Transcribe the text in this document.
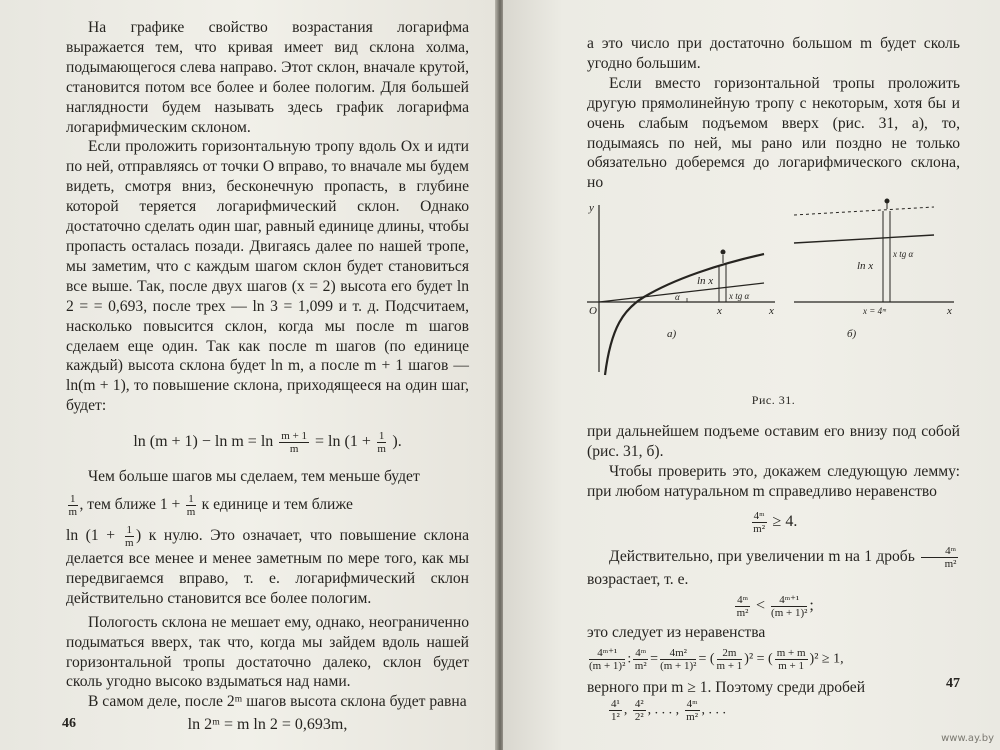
На графике свойство возрастания логарифма выражается тем, что кривая имеет вид склона холма, подымающегося слева направо. Этот склон, вначале крутой, становится потом все более и более пологим. Для большей наглядности будем называть здесь график логарифма логарифмическим склоном.

Если проложить горизонтальную тропу вдоль Ox и идти по ней, отправляясь от точки O вправо, то вначале мы будем видеть, смотря вниз, бесконечную пропасть, в глубине которой теряется логарифмический склон. Однако достаточно сделать один шаг, равный единице длины, чтобы пропасть осталась позади. Двигаясь далее по нашей тропе, мы заметим, что с каждым шагом склон будет становиться все выше. Так, после двух шагов (x = 2) высота его будет ln 2 = = 0,693, после трех — ln 3 = 1,099 и т. д. Подсчитаем, насколько повысится склон, когда мы после m шагов сделаем еще один. Так как после m шагов (по единице каждый) высота склона будет ln m, а после m + 1 шагов — ln(m + 1), то повышение склона, приходящееся на один шаг, будет:

$\ln (m + 1) - \ln m = \ln \frac{m + 1}{m} = \ln (1 + \frac{1}{m}$ ).

Чем больше шагов мы сделаем, тем меньше будет

$\frac{1}{m}$ , тем ближе $1 + \frac{1}{m}$ к единице и тем ближе

$\ln (1 + \frac{1}{m}$ ) к нулю. Это означает, что повышение склона делается все менее и менее заметным по мере того, как мы передвигаемся вправо, т. е. логарифмический склон действительно становится все более пологим.

Пологость склона не мешает ему, однако, неограниченно подыматься вверх, так что, когда мы зайдем вдоль нашей горизонтальной тропы достаточно далеко, склон будет сколь угодно высоко вздыматься над нами.

В самом деле, после 2ᵐ шагов высота склона будет равна

ln 2ᵐ = m ln 2 = 0,693m,
46

а это число при достаточно большом m будет сколь угодно большим.

Если вместо горизонтальной тропы проложить другую прямолинейную тропу с некоторым, хотя бы и очень слабым подъемом вверх (рис. 31, а), то, подымаясь по ней, мы рано или поздно не только обязательно доберемся до логарифмического склона, но

y
O	x
x
ln x
x tg α
α
а)	б)
ln x
x tg α
x = 4ᵐ	x
Рис. 31.

при дальнейшем подъеме оставим его внизу под собой (рис. 31, б).

Чтобы проверить это, докажем следующую лемму: при любом натуральном m справедливо неравенство

$\frac{\text{4ᵐ}}{\text{m²}} \ge 4$.

Действительно, при увеличении m на 1 дробь $\frac{\text{4ᵐ}}{\text{m²}}$
возрастает, т. е.

$\frac{\text{4ᵐ}}{\text{m²}} < \frac{\text{4ᵐ⁺¹}}{\text{(m + 1)²}}$ ;

это следует из неравенства

$\frac{\text{4ᵐ⁺¹}}{\text{(m + 1)²}}$ : $\frac{\text{4ᵐ}}{\text{m²}} = \frac{\text{4m²}}{\text{(m + 1)²}}$ = ( $\frac{2m}{m + 1} )^2$ = ( $\frac{m + m}{m + 1} )^2 \ge 1$,

верного при m ≥ 1. Поэтому среди дробей

$\frac{\text{4¹}}{\text{1²}}$ , $\frac{\text{4²}}{\text{2²}}$ , . . . , $\frac{\text{4ᵐ}}{\text{m²}}$ , . . .
47
www.ay.by
